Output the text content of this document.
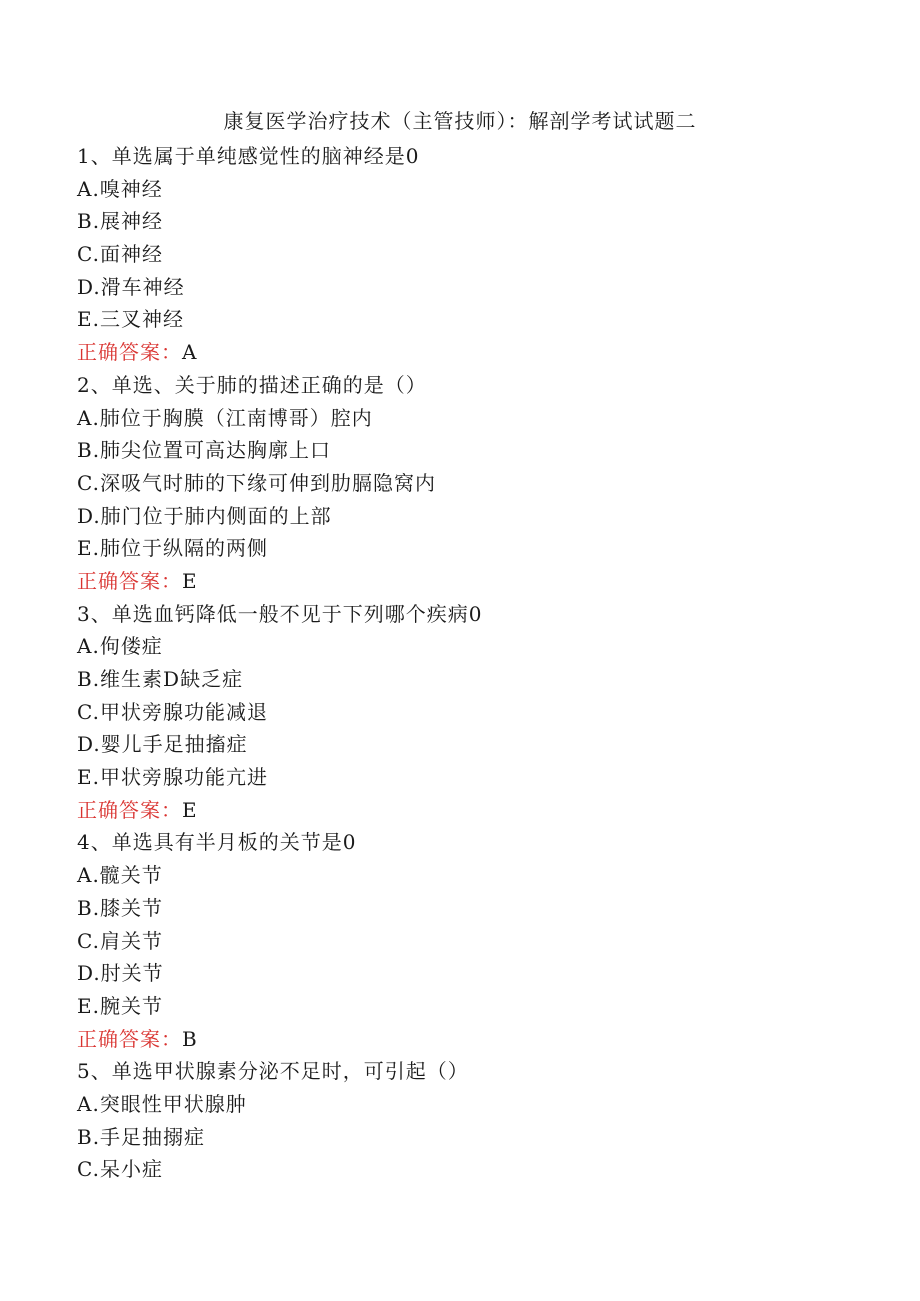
康复医学治疗技术（主管技师）：解剖学考试试题二
1、单选属于单纯感觉性的脑神经是0
A.嗅神经
B.展神经
C.面神经
D.滑车神经
E.三叉神经
正确答案：A
2、单选、关于肺的描述正确的是（）
A.肺位于胸膜（江南博哥）腔内
B.肺尖位置可高达胸廓上口
C.深吸气时肺的下缘可伸到肋膈隐窝内
D.肺门位于肺内侧面的上部
E.肺位于纵隔的两侧
正确答案：E
3、单选血钙降低一般不见于下列哪个疾病0
A.佝偻症
B.维生素D缺乏症
C.甲状旁腺功能减退
D.婴儿手足抽搐症
E.甲状旁腺功能亢进
正确答案：E
4、单选具有半月板的关节是0
A.髋关节
B.膝关节
C.肩关节
D.肘关节
E.腕关节
正确答案：B
5、单选甲状腺素分泌不足时，可引起（）
A.突眼性甲状腺肿
B.手足抽搦症
C.呆小症
